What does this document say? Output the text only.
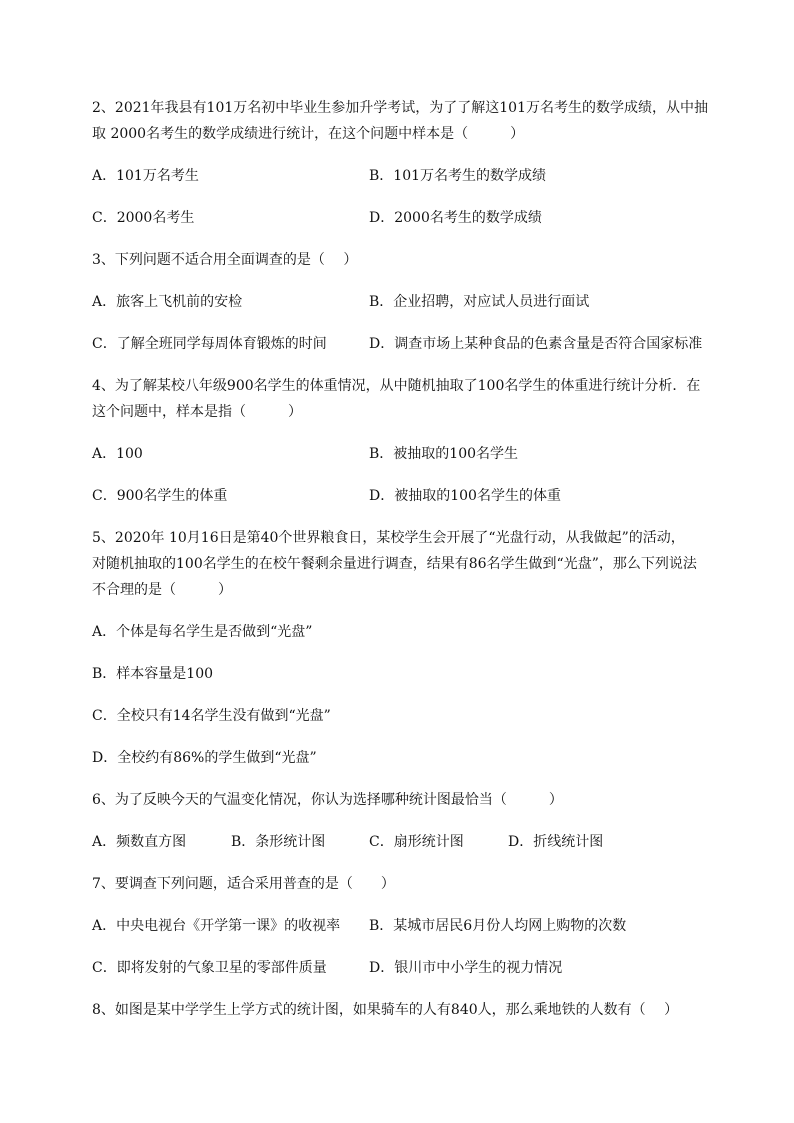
2、2021年我县有101万名初中毕业生参加升学考试，为了了解这101万名考生的数学成绩，从中抽
取 2000名考生的数学成绩进行统计，在这个问题中样本是（　　　）
A．101万名考生	B．101万名考生的数学成绩
C．2000名考生	D．2000名考生的数学成绩
3、下列问题不适合用全面调查的是（　 ）
A．旅客上飞机前的安检	B．企业招聘，对应试人员进行面试
C．了解全班同学每周体育锻炼的时间	D．调查市场上某种食品的色素含量是否符合国家标准
4、为了解某校八年级900名学生的体重情况，从中随机抽取了100名学生的体重进行统计分析．在
这个问题中，样本是指（　　　）
A．100	B．被抽取的100名学生
C．900名学生的体重	D．被抽取的100名学生的体重
5、2020年 10月16日是第40个世界粮食日，某校学生会开展了“光盘行动，从我做起”的活动，
对随机抽取的100名学生的在校午餐剩余量进行调查，结果有86名学生做到“光盘”，那么下列说法
不合理的是（　　　）
A．个体是每名学生是否做到“光盘”
B．样本容量是100
C．全校只有14名学生没有做到“光盘”
D．全校约有86%的学生做到“光盘”
6、为了反映今天的气温变化情况，你认为选择哪种统计图最恰当（　　　）
A．频数直方图	B．条形统计图	C．扇形统计图	D．折线统计图
7、要调查下列问题，适合采用普查的是（　　）
A．中央电视台《开学第一课》的收视率 B．某城市居民6月份人均网上购物的次数
C．即将发射的气象卫星的零部件质量	D．银川市中小学生的视力情况
8、如图是某中学学生上学方式的统计图，如果骑车的人有840人，那么乘地铁的人数有（　 ）
